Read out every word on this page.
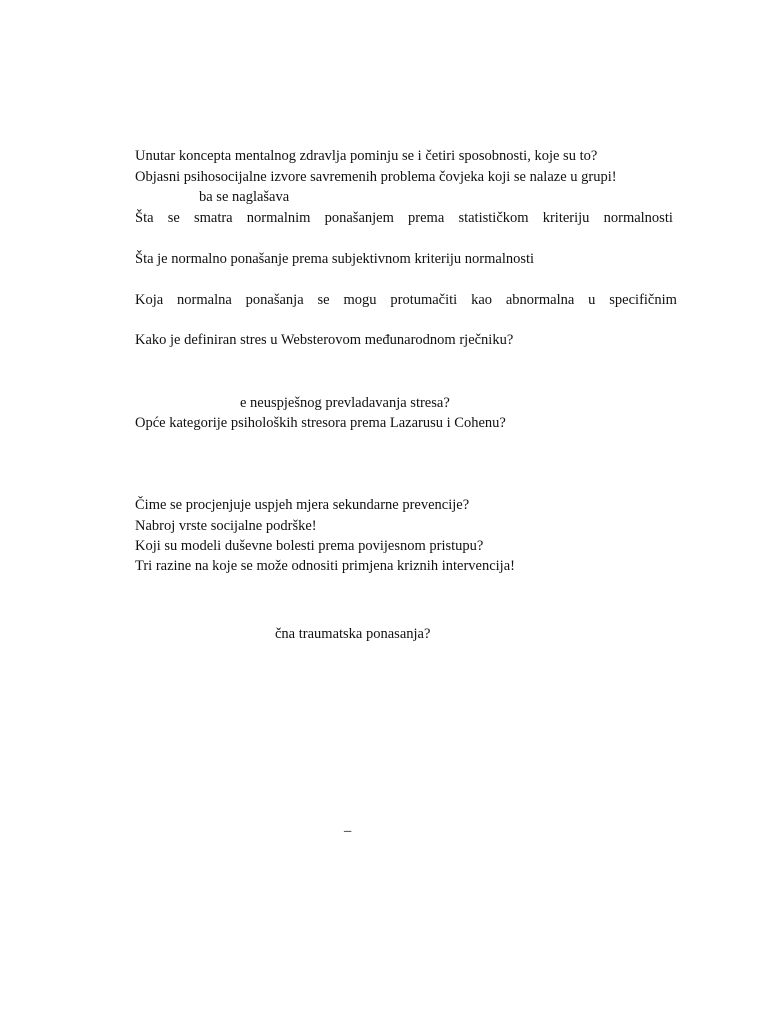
Unutar koncepta mentalnog zdravlja pominju se i četiri sposobnosti, koje su to?
Objasni psihosocijalne izvore savremenih problema čovjeka koji se nalaze u grupi!
ba se naglašava
Šta se smatra normalnim ponašanjem prema statističkom kriteriju normalnosti
Šta je normalno ponašanje prema subjektivnom kriteriju normalnosti
Koja normalna ponašanja se mogu protumačiti kao abnormalna u specifičnim
Kako je definiran stres u Websterovom međunarodnom rječniku?
e neuspješnog prevladavanja stresa?
Opće kategorije psiholoških stresora prema Lazarusu i Cohenu?
Čime se procjenjuje uspjeh mjera sekundarne prevencije?
Nabroj vrste socijalne podrške!
Koji su modeli duševne bolesti prema povijesnom pristupu?
Tri razine na koje se može odnositi primjena kriznih intervencija!
čna traumatska ponasanja?
_
